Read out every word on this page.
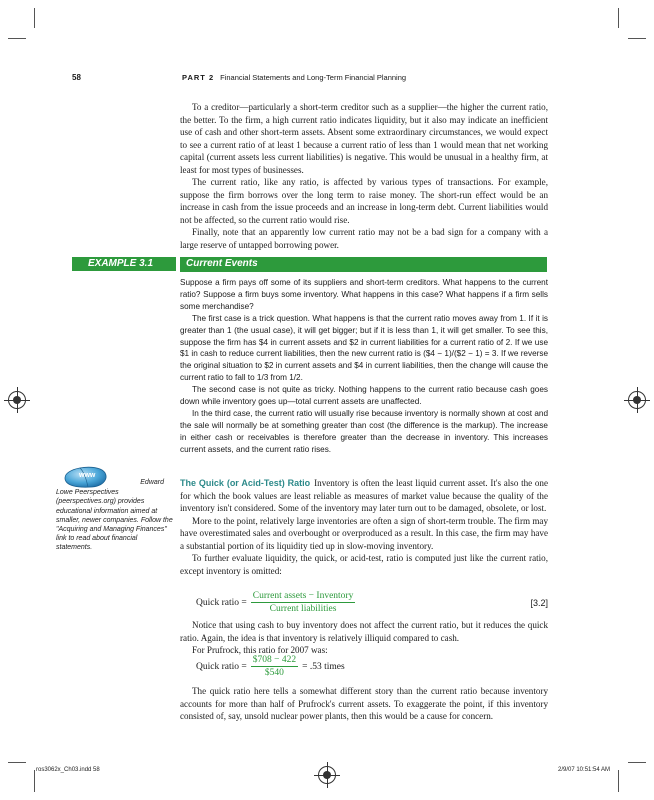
58	PART 2 Financial Statements and Long-Term Financial Planning

To a creditor—particularly a short-term creditor such as a supplier—the higher the current ratio, the better. To the firm, a high current ratio indicates liquidity, but it also may indicate an inefficient use of cash and other short-term assets. Absent some extraordinary circumstances, we would expect to see a current ratio of at least 1 because a current ratio of less than 1 would mean that net working capital (current assets less current liabilities) is negative. This would be unusual in a healthy firm, at least for most types of businesses.

The current ratio, like any ratio, is affected by various types of transactions. For example, suppose the firm borrows over the long term to raise money. The short-run effect would be an increase in cash from the issue proceeds and an increase in long-term debt. Current liabilities would not be affected, so the current ratio would rise.

Finally, note that an apparently low current ratio may not be a bad sign for a company with a large reserve of untapped borrowing power.

EXAMPLE 3.1	Current Events

Suppose a firm pays off some of its suppliers and short-term creditors. What happens to the current ratio? Suppose a firm buys some inventory. What happens in this case? What happens if a firm sells some merchandise?

The first case is a trick question. What happens is that the current ratio moves away from 1. If it is greater than 1 (the usual case), it will get bigger; but if it is less than 1, it will get smaller. To see this, suppose the firm has $4 in current assets and $2 in current liabilities for a current ratio of 2. If we use $1 in cash to reduce current liabilities, then the new current ratio is ($4 − 1)/($2 − 1) = 3. If we reverse the original situation to $2 in current assets and $4 in current liabilities, then the change will cause the current ratio to fall to 1/3 from 1/2.

The second case is not quite as tricky. Nothing happens to the current ratio because cash goes down while inventory goes up—total current assets are unaffected.

In the third case, the current ratio will usually rise because inventory is normally shown at cost and the sale will normally be at something greater than cost (the difference is the markup). The increase in either cash or receivables is therefore greater than the decrease in inventory. This increases current assets, and the current ratio rises.

www
Edward
Lowe Peerspectives (peerspectives.org) provides educational information aimed at smaller, newer companies. Follow the "Acquiring and Managing Finances" link to read about financial statements.

The Quick (or Acid-Test) Ratio Inventory is often the least liquid current asset. It's also the one for which the book values are least reliable as measures of market value because the quality of the inventory isn't considered. Some of the inventory may later turn out to be damaged, obsolete, or lost.

More to the point, relatively large inventories are often a sign of short-term trouble. The firm may have overestimated sales and overbought or overproduced as a result. In this case, the firm may have a substantial portion of its liquidity tied up in slow-moving inventory.

To further evaluate liquidity, the quick, or acid-test, ratio is computed just like the current ratio, except inventory is omitted:

Quick ratio = $\frac{\text{Current assets − Inventory}}{\text{Current liabilities}}$	[3.2]

Notice that using cash to buy inventory does not affect the current ratio, but it reduces the quick ratio. Again, the idea is that inventory is relatively illiquid compared to cash.

For Prufrock, this ratio for 2007 was:

Quick ratio = $\frac{\$708 - 422}{\$540} = .53$ times

The quick ratio here tells a somewhat different story than the current ratio because inventory accounts for more than half of Prufrock's current assets. To exaggerate the point, if this inventory consisted of, say, unsold nuclear power plants, then this would be a cause for concern.

ros3062x_Ch03.indd 58	2/9/07 10:51:54 AM
